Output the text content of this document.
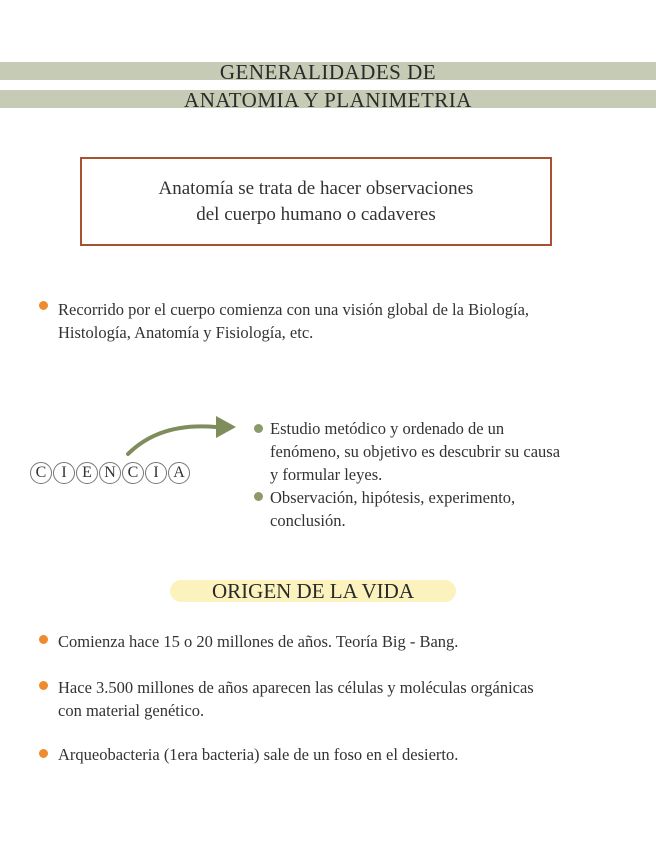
GENERALIDADES DE
ANATOMIA Y PLANIMETRIA
Anatomía se trata de hacer observaciones
del cuerpo humano o cadaveres
Recorrido por el cuerpo comienza con una visión global de la Biología,
Histología, Anatomía y Fisiología, etc.
C I E N C I A
Estudio metódico y ordenado de un
fenómeno, su objetivo es descubrir su causa
y formular leyes.
Observación, hipótesis, experimento,
conclusión.
ORIGEN DE LA VIDA
Comienza hace 15 o 20 millones de años. Teoría Big - Bang.
Hace 3.500 millones de años aparecen las células y moléculas orgánicas
con material genético.
Arqueobacteria (1era bacteria) sale de un foso en el desierto.
